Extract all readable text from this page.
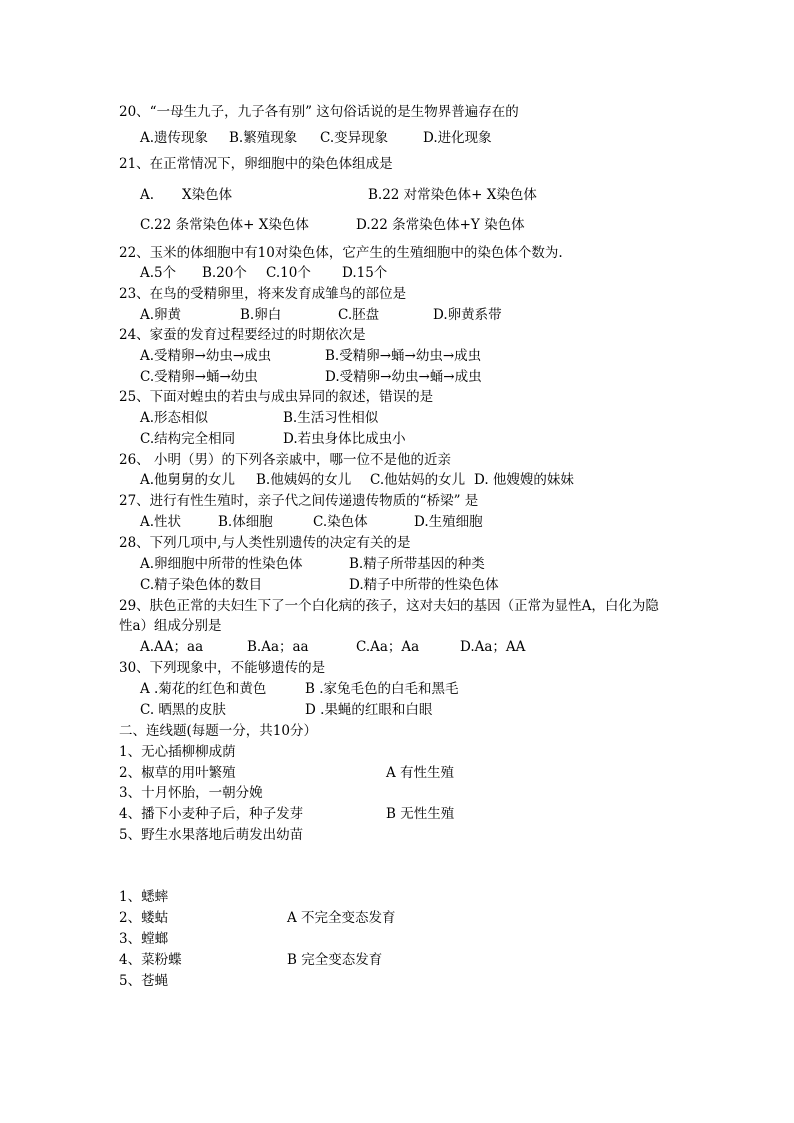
20、“一母生九子，九子各有别” 这句俗话说的是生物界普遍存在的
A.遗传现象 B.繁殖现象 C.变异现象	D.进化现象
21、在正常情况下，卵细胞中的染色体组成是
A. X染色体	B.22 对常染色体+ X染色体
C.22 条常染色体+ X染色体	D.22 条常染色体+Y 染色体
22、玉米的体细胞中有10对染色体，它产生的生殖细胞中的染色体个数为.
A.5个 B.20个 C.10个 D.15个
23、在鸟的受精卵里，将来发育成雏鸟的部位是
A.卵黄	B.卵白	C.胚盘	D.卵黄系带
24、家蚕的发育过程要经过的时期依次是
A.受精卵→幼虫→成虫	B.受精卵→蛹→幼虫→成虫
C.受精卵→蛹→幼虫	D.受精卵→幼虫→蛹→成虫
25、下面对蝗虫的若虫与成虫异同的叙述，错误的是
A.形态相似	B.生活习性相似
C.结构完全相同	D.若虫身体比成虫小
26、 小明（男）的下列各亲戚中，哪一位不是他的近亲
A.他舅舅的女儿 B.他姨妈的女儿 C.他姑妈的女儿 D. 他嫂嫂的妹妹
27、进行有性生殖时，亲子代之间传递遗传物质的“桥梁” 是
A.性状	B.体细胞	C.染色体	D.生殖细胞
28、下列几项中,与人类性别遗传的决定有关的是
A.卵细胞中所带的性染色体	B.精子所带基因的种类
C.精子染色体的数目	D.精子中所带的性染色体
29、肤色正常的夫妇生下了一个白化病的孩子，这对夫妇的基因（正常为显性A，白化为隐
性a）组成分别是
A.AA；aa	B.Aa；aa	C.Aa；Aa	D.Aa；AA
30、下列现象中，不能够遗传的是
A .菊花的红色和黄色	B .家兔毛色的白毛和黑毛
C. 晒黑的皮肤	D .果蝇的红眼和白眼
二、连线题(每题一分，共10分）
1、无心插柳柳成荫
2、椒草的用叶繁殖	A 有性生殖
3、十月怀胎，一朝分娩
4、播下小麦种子后，种子发芽	B 无性生殖
5、野生水果落地后萌发出幼苗
1、蟋蟀
2、蝼蛄	A 不完全变态发育
3、螳螂
4、菜粉蝶	B 完全变态发育
5、苍蝇
